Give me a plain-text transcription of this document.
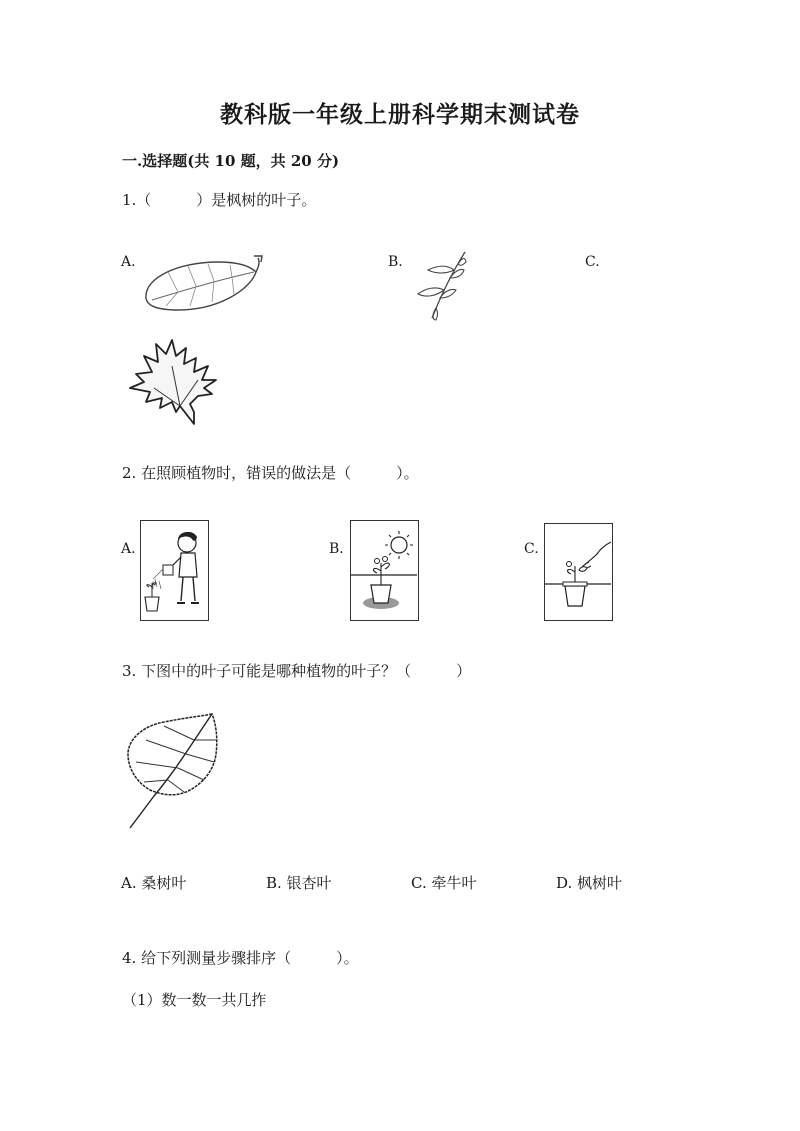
教科版一年级上册科学期末测试卷
一.选择题(共 10 题，共 20 分)
1.（　　　）是枫树的叶子。
A.	B.	C.
2. 在照顾植物时，错误的做法是（　　　）。
A.	B.	C.
3. 下图中的叶子可能是哪种植物的叶子？（　　　）
A. 桑树叶	B. 银杏叶	C. 牵牛叶	D. 枫树叶
4. 给下列测量步骤排序（　　　）。
（1）数一数一共几拃
